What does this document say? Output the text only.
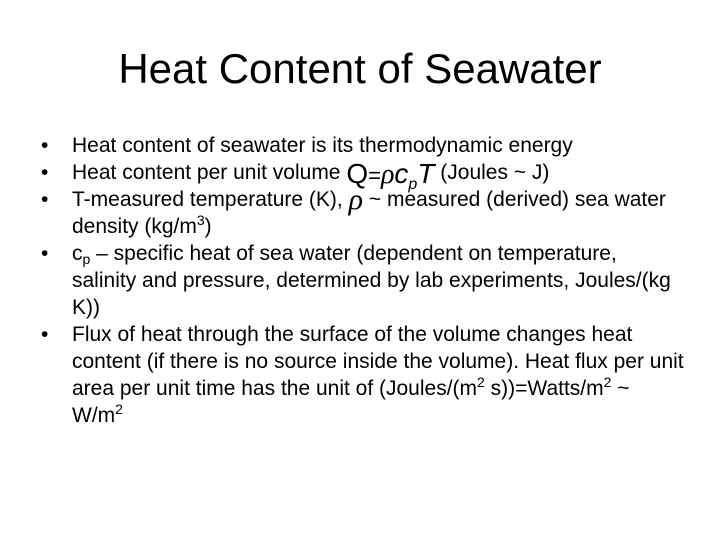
Heat Content of Seawater
• Heat content of seawater is its thermodynamic energy
• Heat content per unit volume $Q=\rho c_pT$ (Joules ~ J)
• T-measured temperature (K), ρ ~ measured (derived) sea water density $(kg/m^3)$
• $c_p$ – specific heat of sea water (dependent on temperature, salinity and pressure, determined by lab experiments, Joules/(kg K))
• Flux of heat through the surface of the volume changes heat content (if there is no source inside the volume). Heat flux per unit area per unit time has the unit of ($Joules/(m^2$ $s))=Watts/m^2$ ~ $W/m^2$
